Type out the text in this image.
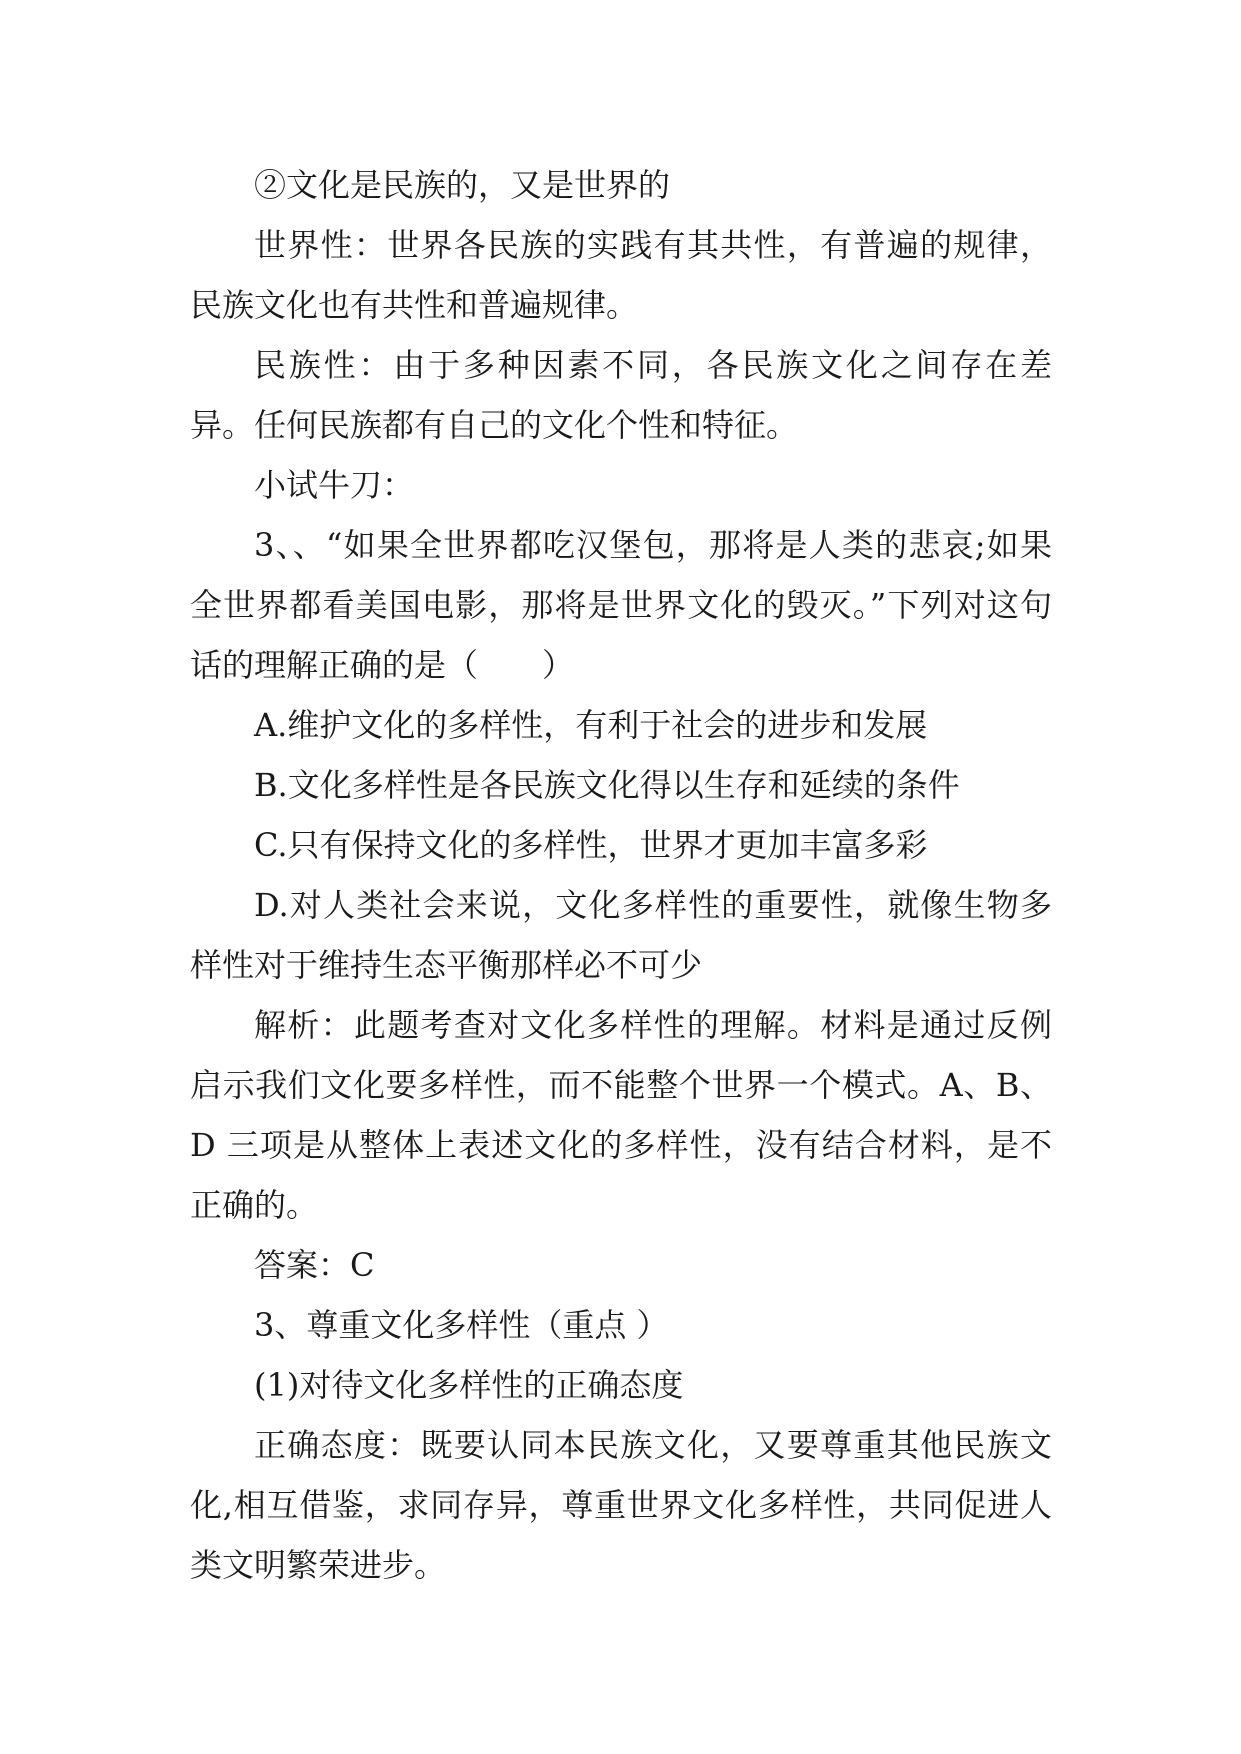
②文化是民族的，又是世界的

世界性：世界各民族的实践有其共性，有普遍的规律，民族文化也有共性和普遍规律。

民族性：由于多种因素不同，各民族文化之间存在差异。任何民族都有自己的文化个性和特征。

小试牛刀：

3、、“如果全世界都吃汉堡包，那将是人类的悲哀;如果全世界都看美国电影，那将是世界文化的毁灭。”下列对这句话的理解正确的是（　　）

A.维护文化的多样性，有利于社会的进步和发展

B.文化多样性是各民族文化得以生存和延续的条件

C.只有保持文化的多样性，世界才更加丰富多彩

D.对人类社会来说，文化多样性的重要性，就像生物多样性对于维持生态平衡那样必不可少

解析：此题考查对文化多样性的理解。材料是通过反例启示我们文化要多样性，而不能整个世界一个模式。A、B、D 三项是从整体上表述文化的多样性，没有结合材料，是不正确的。

答案：C

3、尊重文化多样性（重点 ）

(1)对待文化多样性的正确态度

正确态度：既要认同本民族文化，又要尊重其他民族文化,相互借鉴，求同存异，尊重世界文化多样性，共同促进人类文明繁荣进步。
